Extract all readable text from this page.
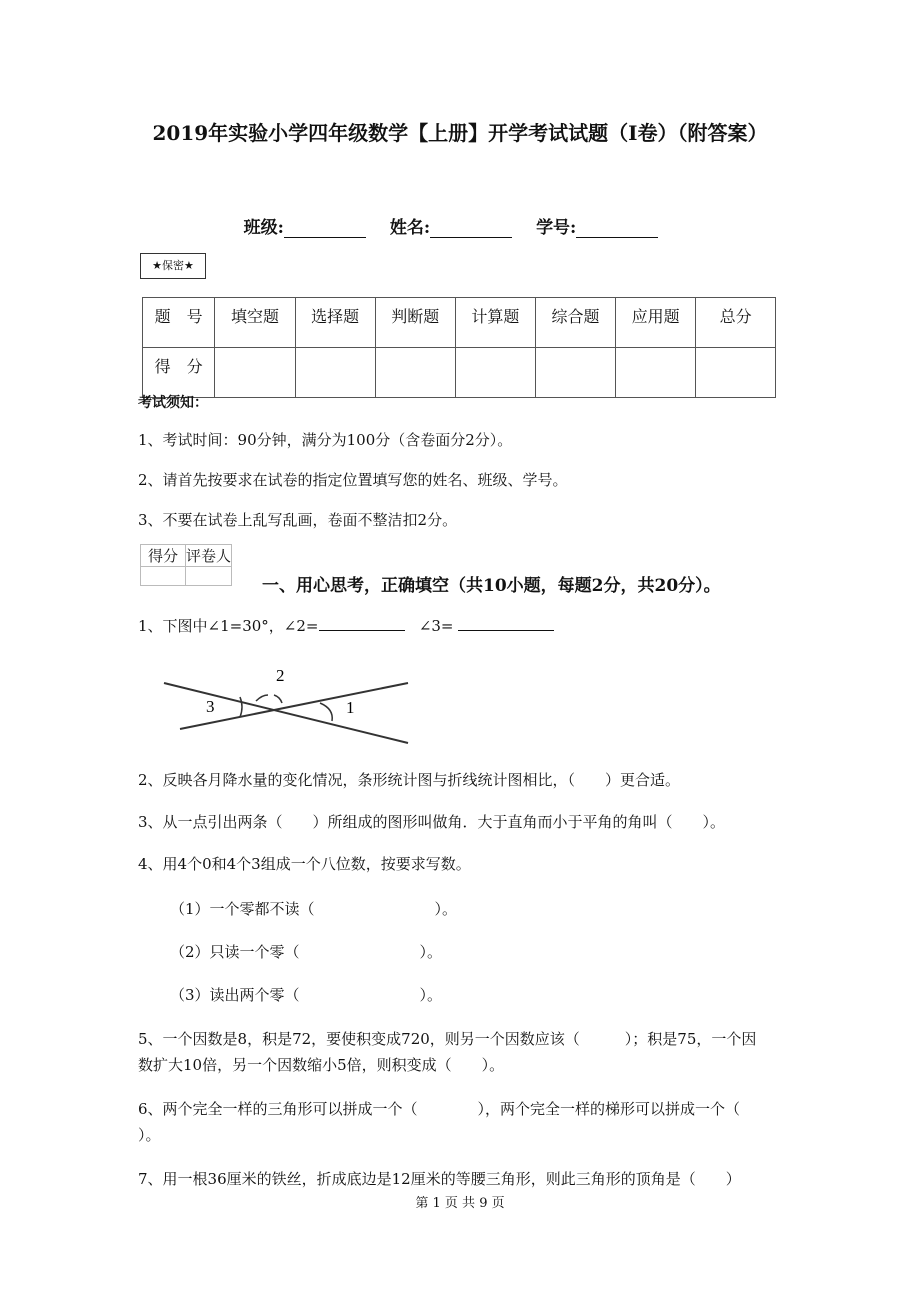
2019年实验小学四年级数学【上册】开学考试试题（I卷）（附答案）
班级:	姓名:	学号:
★保密★
题　号	填空题	选择题	判断题	计算题	综合题	应用题	总分
得　分							
考试须知：
1、考试时间：90分钟，满分为100分（含卷面分2分）。
2、请首先按要求在试卷的指定位置填写您的姓名、班级、学号。
3、不要在试卷上乱写乱画，卷面不整洁扣2分。
得分	评卷人

一、用心思考，正确填空（共10小题，每题2分，共20分）。
1、下图中∠1=30°，∠2=	∠3=
1
2
3
2、反映各月降水量的变化情况，条形统计图与折线统计图相比，（　　）更合适。
3、从一点引出两条（　　）所组成的图形叫做角．大于直角而小于平角的角叫（　　）。
4、用4个0和4个3组成一个八位数，按要求写数。
（1）一个零都不读（　　　　　　　　）。
（2）只读一个零（　　　　　　　　）。
（3）读出两个零（　　　　　　　　）。
5、一个因数是8，积是72，要使积变成720，则另一个因数应该（　　　）；积是75，一个因
数扩大10倍，另一个因数缩小5倍，则积变成（　　）。
6、两个完全一样的三角形可以拼成一个（　　　　），两个完全一样的梯形可以拼成一个（
）。
7、用一根36厘米的铁丝，折成底边是12厘米的等腰三角形，则此三角形的顶角是（　　）
第 1 页 共 9 页
